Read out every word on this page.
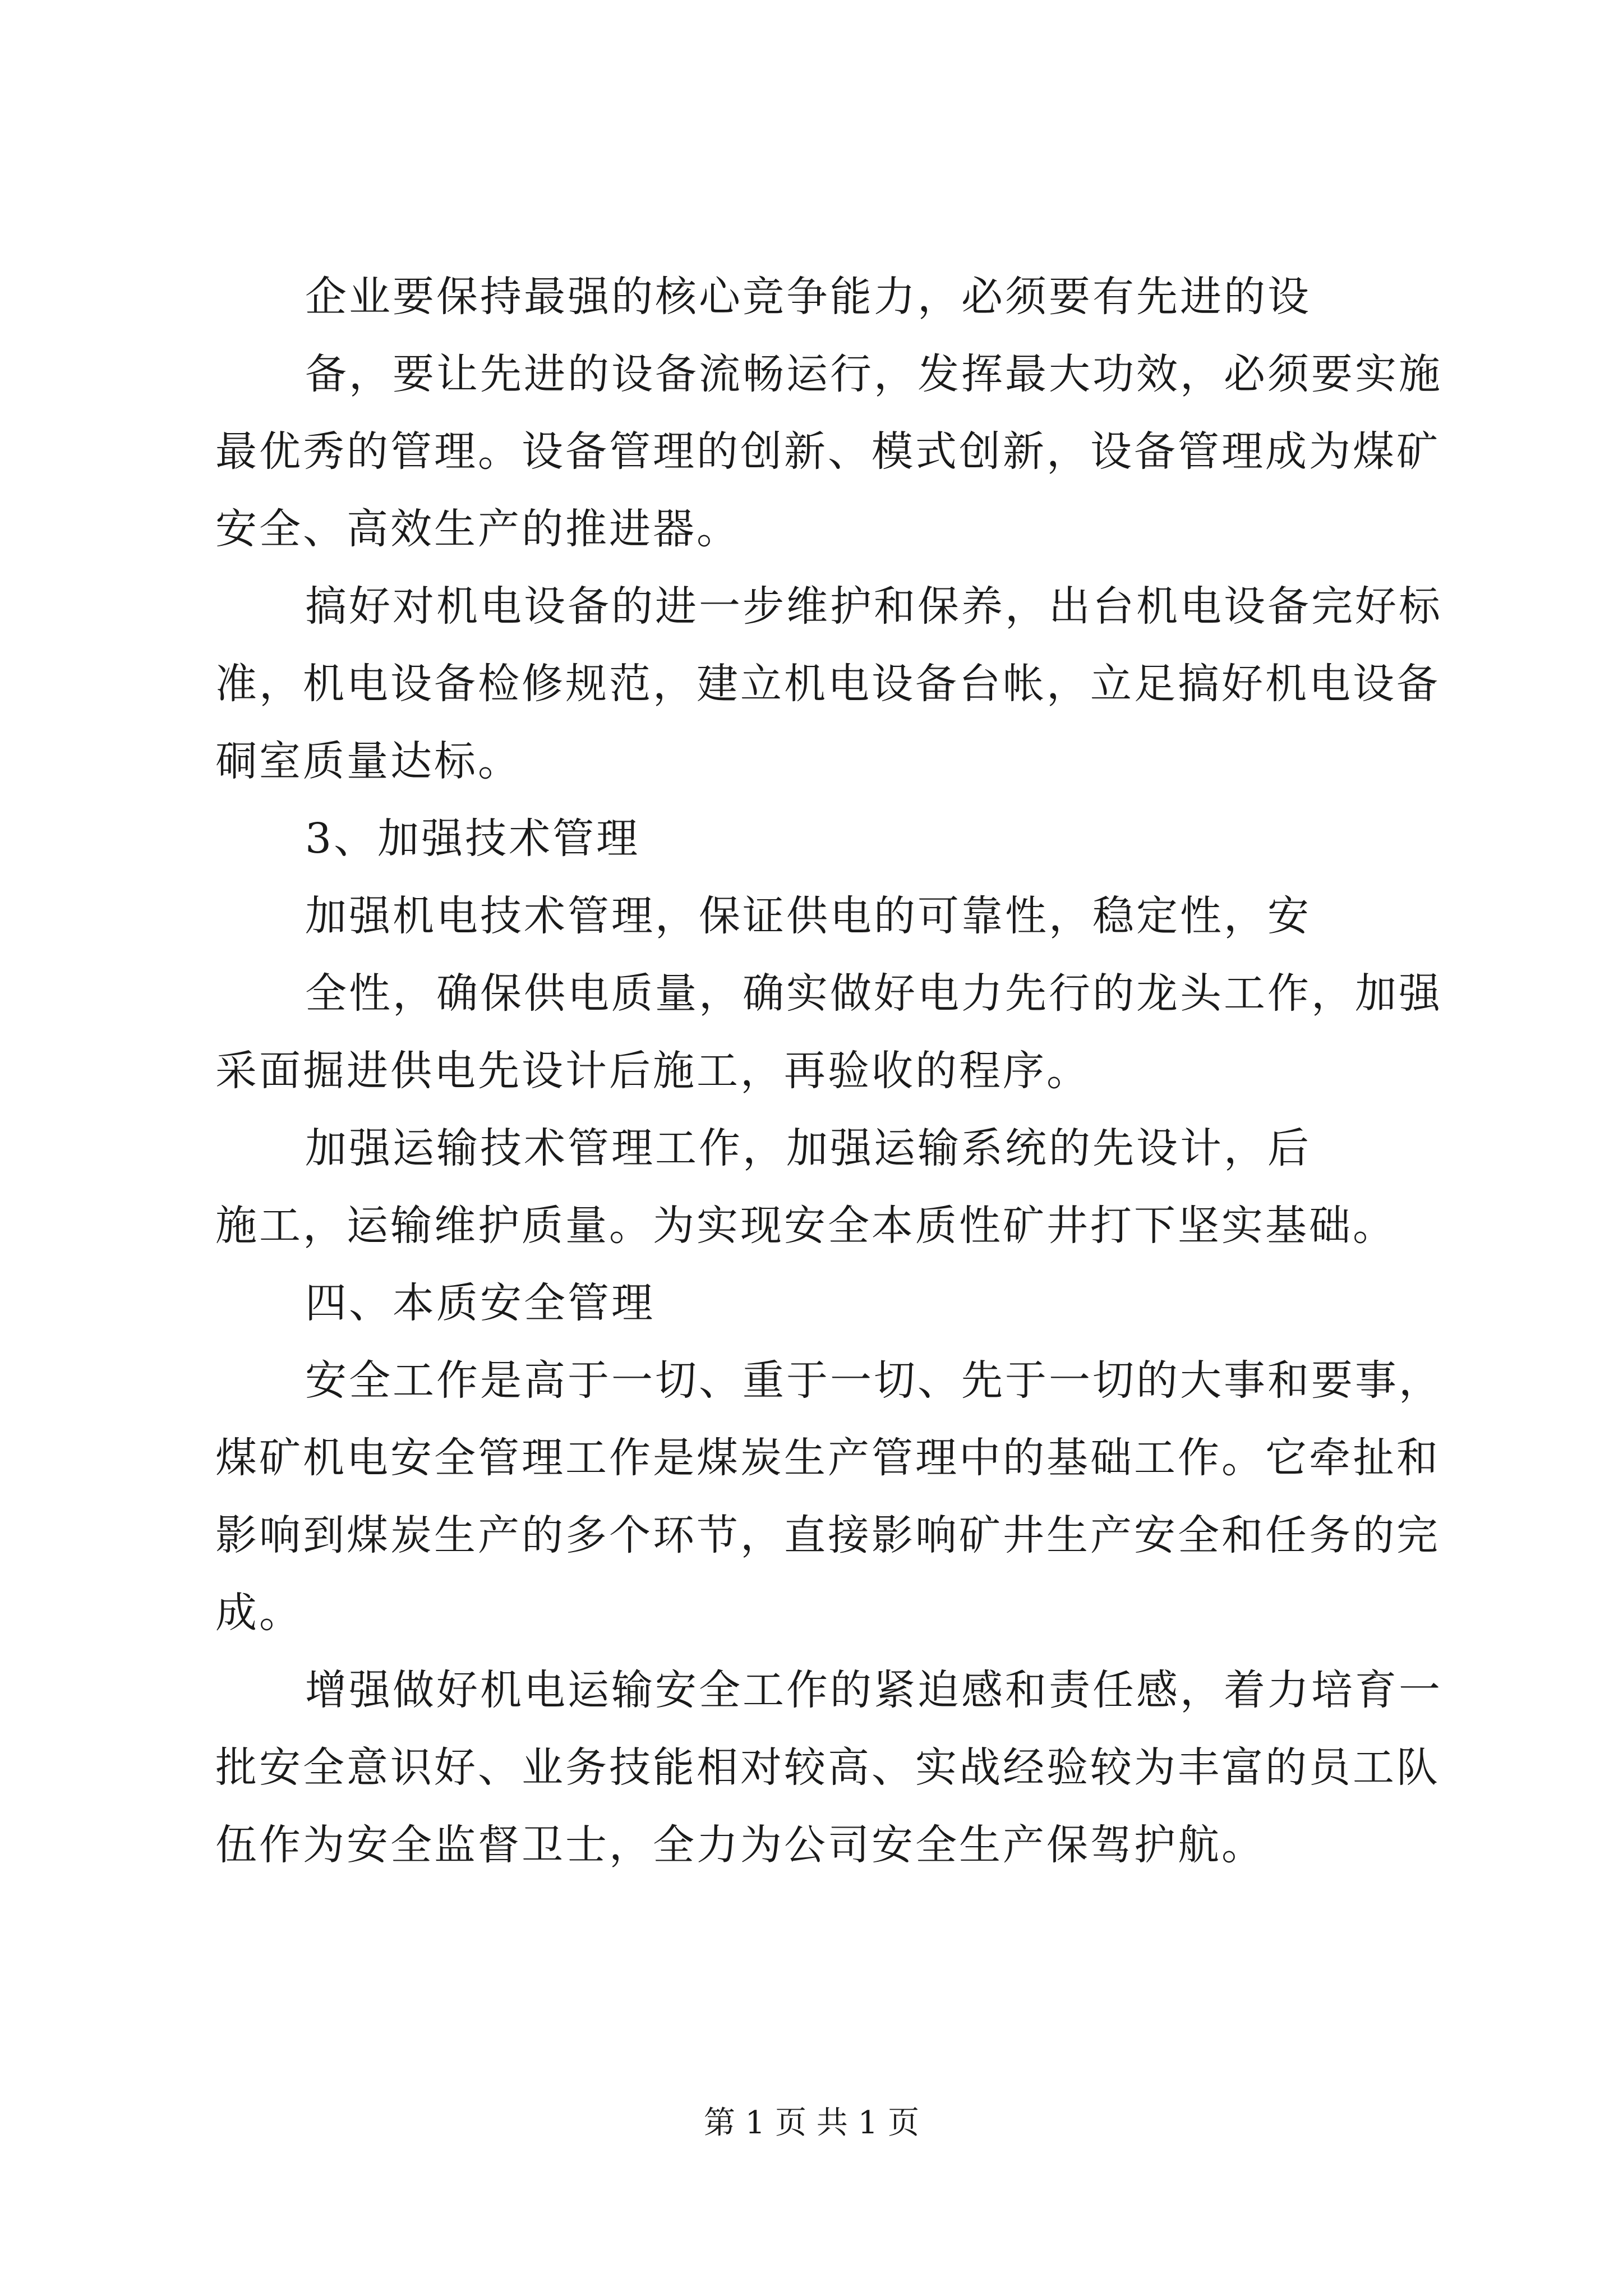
企业要保持最强的核心竞争能力，必须要有先进的设
备，要让先进的设备流畅运行，发挥最大功效，必须要实施
最优秀的管理。设备管理的创新、模式创新，设备管理成为煤矿
安全、高效生产的推进器。
搞好对机电设备的进一步维护和保养，出台机电设备完好标
准，机电设备检修规范，建立机电设备台帐，立足搞好机电设备
硐室质量达标。
3、加强技术管理
加强机电技术管理，保证供电的可靠性，稳定性，安
全性，确保供电质量，确实做好电力先行的龙头工作，加强
采面掘进供电先设计后施工，再验收的程序。
加强运输技术管理工作，加强运输系统的先设计，后
施工，运输维护质量。为实现安全本质性矿井打下坚实基础。
四、本质安全管理
安全工作是高于一切、重于一切、先于一切的大事和要事，
煤矿机电安全管理工作是煤炭生产管理中的基础工作。它牵扯和
影响到煤炭生产的多个环节，直接影响矿井生产安全和任务的完
成。
增强做好机电运输安全工作的紧迫感和责任感，着力培育一
批安全意识好、业务技能相对较高、实战经验较为丰富的员工队
伍作为安全监督卫士，全力为公司安全生产保驾护航。
第 1 页 共 1 页
